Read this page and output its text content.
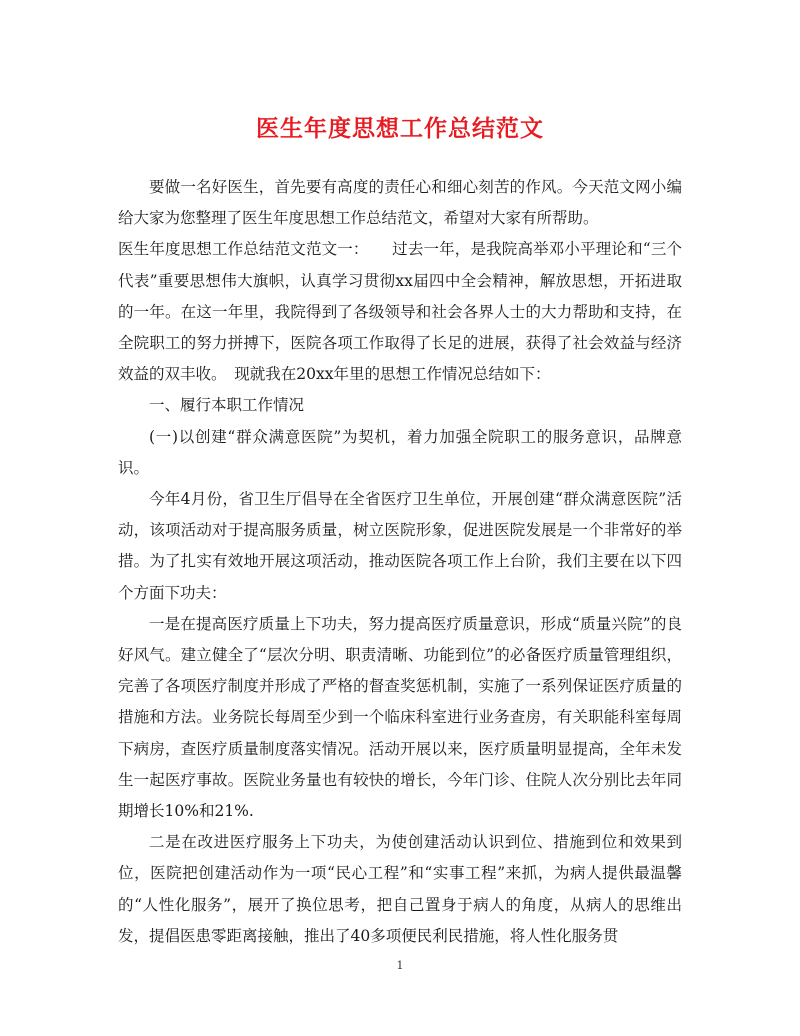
医生年度思想工作总结范文

要做一名好医生，首先要有高度的责任心和细心刻苦的作风。今天范文网小编给大家为您整理了医生年度思想工作总结范文，希望对大家有所帮助。

医生年度思想工作总结范文范文一：　　过去一年，是我院高举邓小平理论和“三个代表”重要思想伟大旗帜，认真学习贯彻xx届四中全会精神，解放思想，开拓进取的一年。在这一年里，我院得到了各级领导和社会各界人士的大力帮助和支持，在全院职工的努力拼搏下，医院各项工作取得了长足的进展，获得了社会效益与经济效益的双丰收。　现就我在20xx年里的思想工作情况总结如下：

一、履行本职工作情况

(一)以创建“群众满意医院”为契机，着力加强全院职工的服务意识，品牌意识。

今年4月份，省卫生厅倡导在全省医疗卫生单位，开展创建“群众满意医院”活动，该项活动对于提高服务质量，树立医院形象，促进医院发展是一个非常好的举措。为了扎实有效地开展这项活动，推动医院各项工作上台阶，我们主要在以下四个方面下功夫：

一是在提高医疗质量上下功夫，努力提高医疗质量意识，形成“质量兴院”的良好风气。建立健全了“层次分明、职责清晰、功能到位”的必备医疗质量管理组织，完善了各项医疗制度并形成了严格的督查奖惩机制，实施了一系列保证医疗质量的措施和方法。业务院长每周至少到一个临床科室进行业务查房，有关职能科室每周下病房，查医疗质量制度落实情况。活动开展以来，医疗质量明显提高，全年未发生一起医疗事故。医院业务量也有较快的增长，今年门诊、住院人次分别比去年同期增长10%和21%.

二是在改进医疗服务上下功夫，为使创建活动认识到位、措施到位和效果到位，医院把创建活动作为一项“民心工程”和“实事工程”来抓，为病人提供最温馨的“人性化服务”，展开了换位思考，把自己置身于病人的角度，从病人的思维出发，提倡医患零距离接触，推出了40多项便民利民措施，将人性化服务贯

1
